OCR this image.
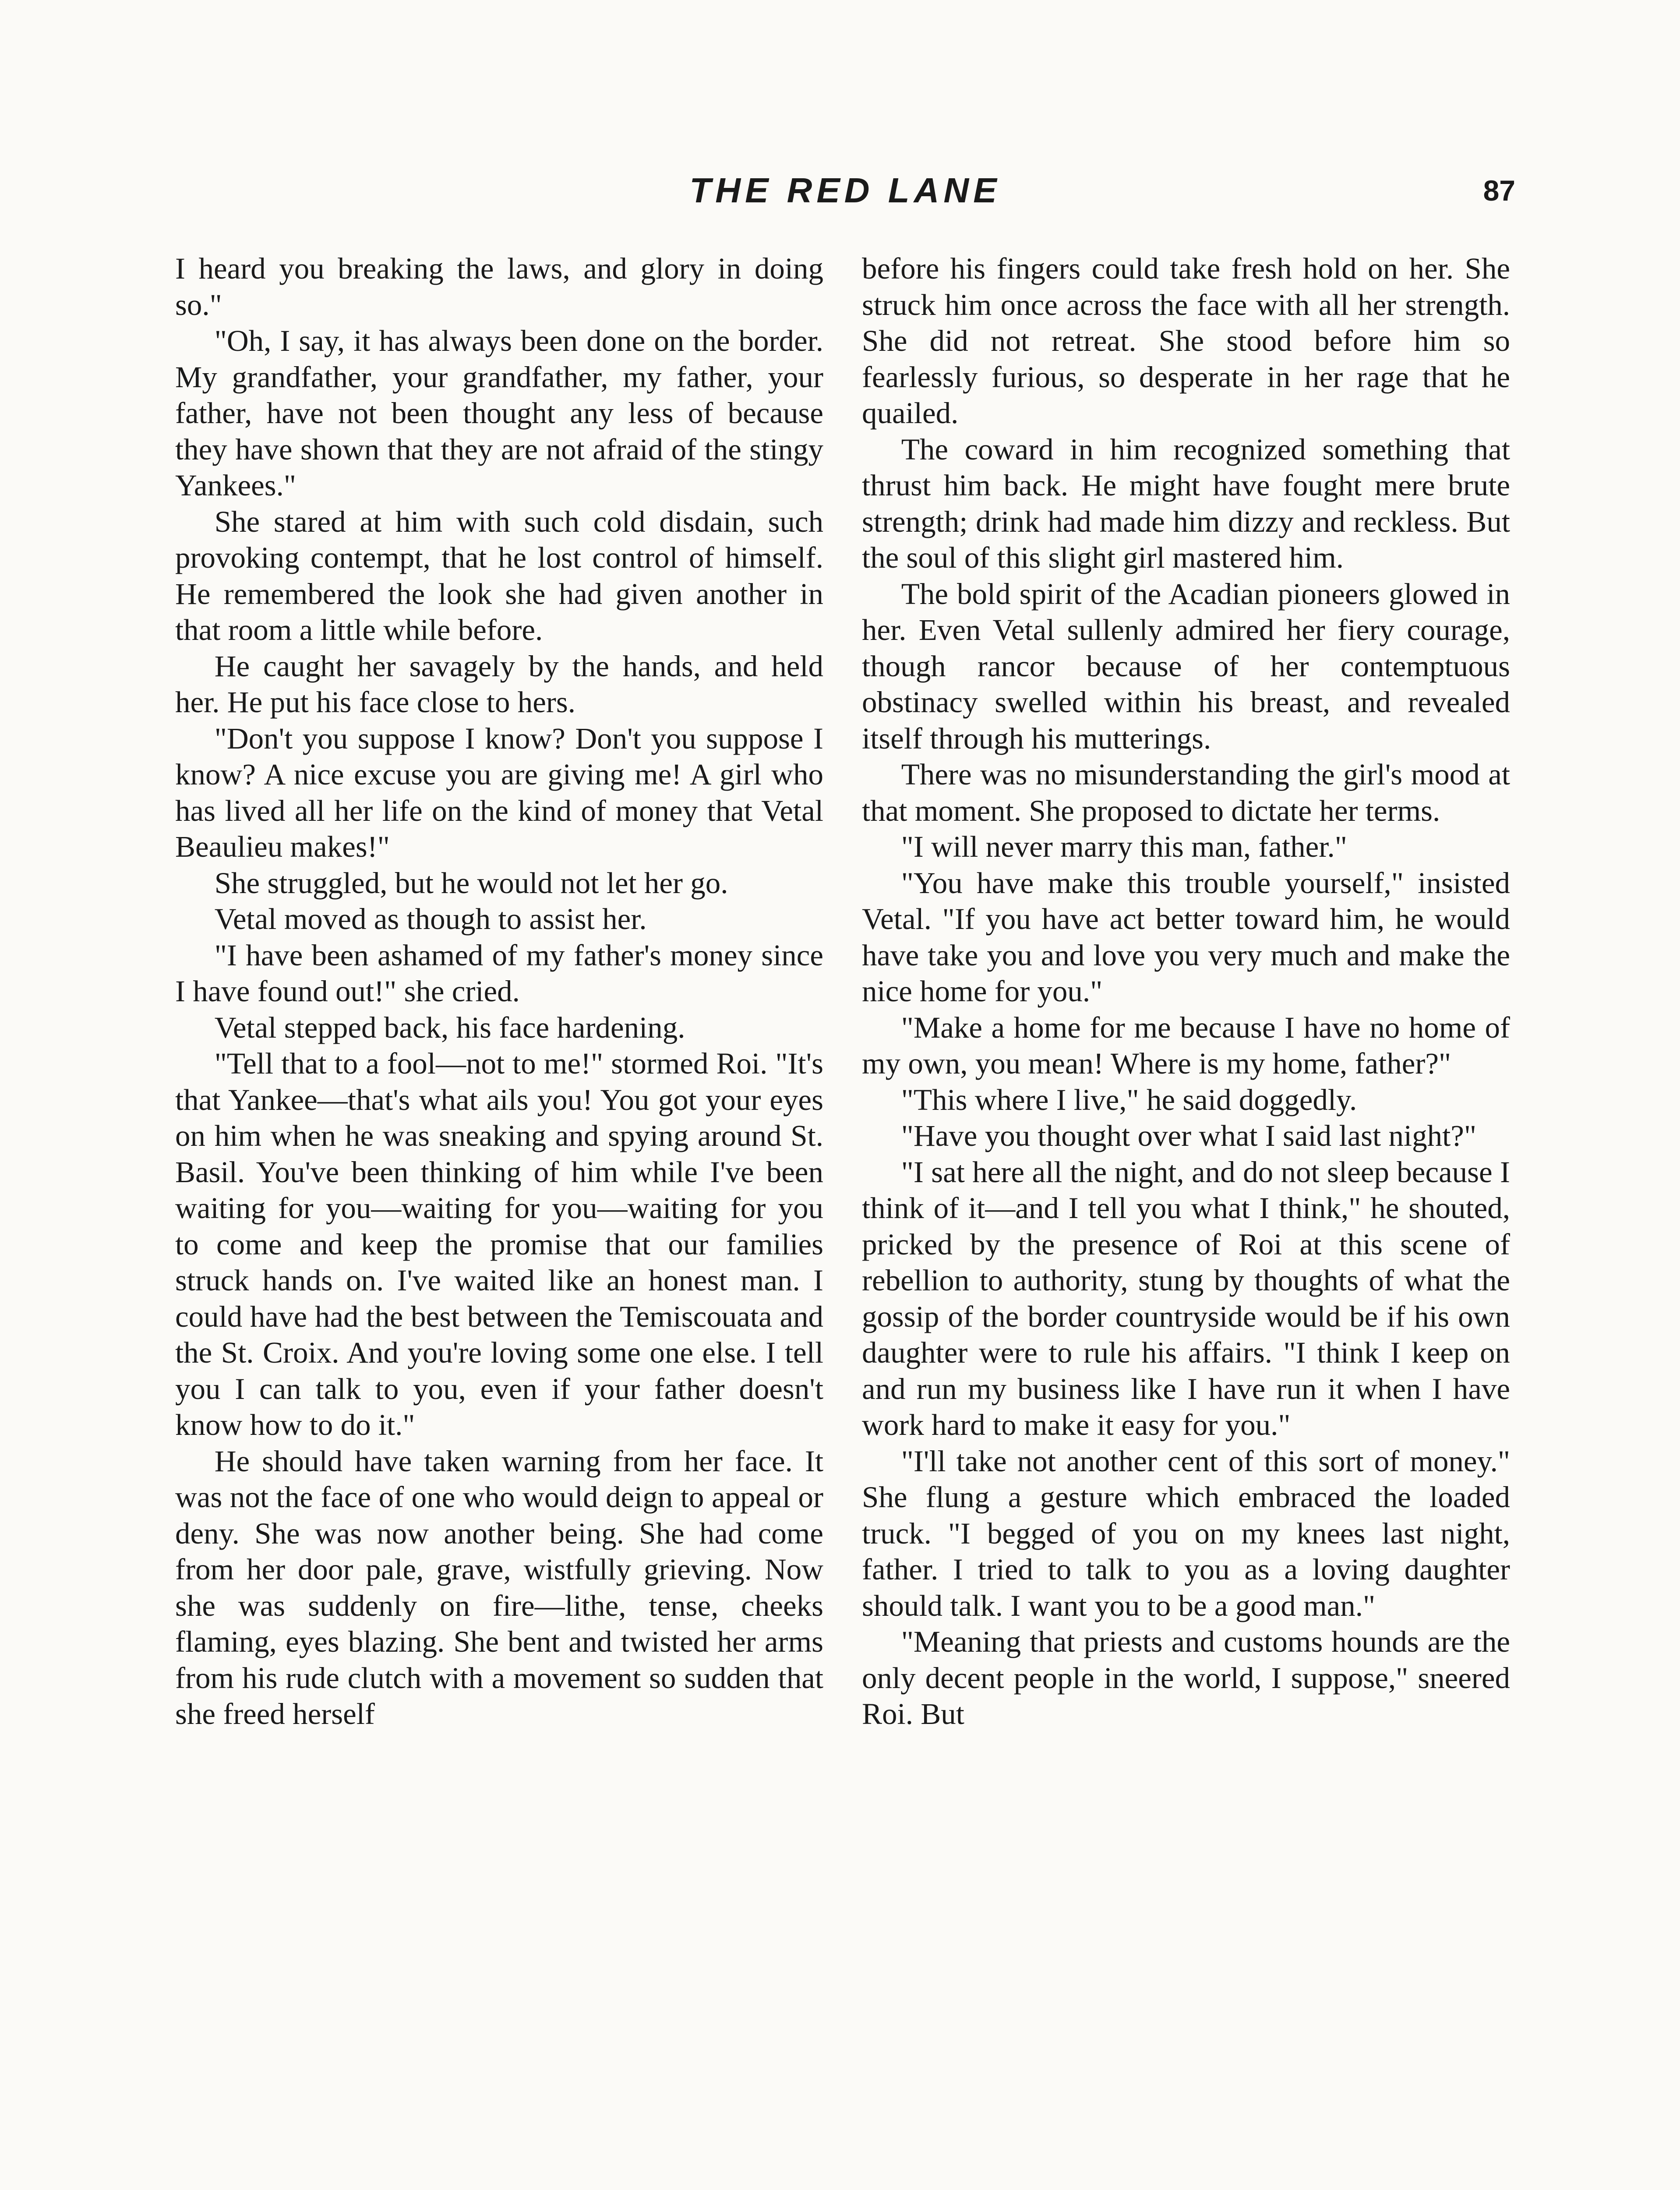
THE RED LANE	87

I heard you breaking the laws, and glory in doing so."

"Oh, I say, it has always been done on the border. My grandfather, your grandfather, my father, your father, have not been thought any less of because they have shown that they are not afraid of the stingy Yankees."

She stared at him with such cold disdain, such provoking contempt, that he lost control of himself. He remembered the look she had given another in that room a little while before.

He caught her savagely by the hands, and held her. He put his face close to hers.

"Don't you suppose I know? Don't you suppose I know? A nice excuse you are giving me! A girl who has lived all her life on the kind of money that Vetal Beaulieu makes!"

She struggled, but he would not let her go.

Vetal moved as though to assist her.

"I have been ashamed of my father's money since I have found out!" she cried.

Vetal stepped back, his face hardening.

"Tell that to a fool—not to me!" stormed Roi. "It's that Yankee—that's what ails you! You got your eyes on him when he was sneaking and spying around St. Basil. You've been thinking of him while I've been waiting for you—waiting for you—waiting for you to come and keep the promise that our families struck hands on. I've waited like an honest man. I could have had the best between the Temiscouata and the St. Croix. And you're loving some one else. I tell you I can talk to you, even if your father doesn't know how to do it."

He should have taken warning from her face. It was not the face of one who would deign to appeal or deny. She was now another being. She had come from her door pale, grave, wistfully grieving. Now she was suddenly on fire—lithe, tense, cheeks flaming, eyes blazing. She bent and twisted her arms from his rude clutch with a movement so sudden that she freed herself

before his fingers could take fresh hold on her. She struck him once across the face with all her strength. She did not retreat. She stood before him so fearlessly furious, so desperate in her rage that he quailed.

The coward in him recognized something that thrust him back. He might have fought mere brute strength; drink had made him dizzy and reckless. But the soul of this slight girl mastered him.

The bold spirit of the Acadian pioneers glowed in her. Even Vetal sullenly admired her fiery courage, though rancor because of her contemptuous obstinacy swelled within his breast, and revealed itself through his mutterings.

There was no misunderstanding the girl's mood at that moment. She proposed to dictate her terms.

"I will never marry this man, father."

"You have make this trouble yourself," insisted Vetal. "If you have act better toward him, he would have take you and love you very much and make the nice home for you."

"Make a home for me because I have no home of my own, you mean! Where is my home, father?"

"This where I live," he said doggedly.

"Have you thought over what I said last night?"

"I sat here all the night, and do not sleep because I think of it—and I tell you what I think," he shouted, pricked by the presence of Roi at this scene of rebellion to authority, stung by thoughts of what the gossip of the border countryside would be if his own daughter were to rule his affairs. "I think I keep on and run my business like I have run it when I have work hard to make it easy for you."

"I'll take not another cent of this sort of money." She flung a gesture which embraced the loaded truck. "I begged of you on my knees last night, father. I tried to talk to you as a loving daughter should talk. I want you to be a good man."

"Meaning that priests and customs hounds are the only decent people in the world, I suppose," sneered Roi. But
